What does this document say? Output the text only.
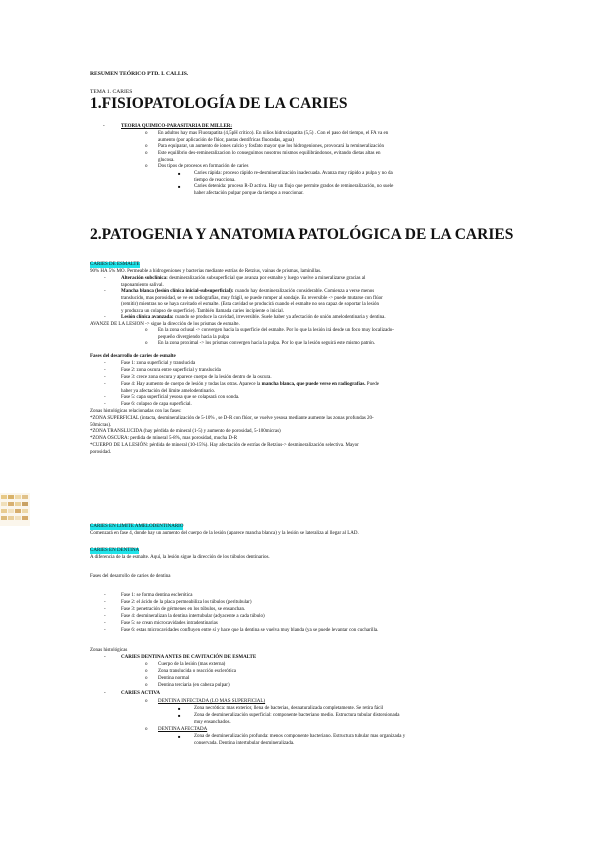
RESUMEN TEÓRICO PTD. I. CALLIS.
TEMA 1. CARIES
1.FISIOPATOLOGÍA DE LA CARIES
-	TEORIA QUIMICO-PARASITARIA DE MILLER:
o En adultos hay mas Fluorapatita (4,5pH crítico). En niños hidroxiapatita (5,5) . Con el paso del tiempo, el FA va en
aumento (por aplicación de flúor, pastas dentífricas fluoradas, agua)
o Para equiparar, un aumento de iones calcio y fosfato mayor que los hidrogeniones, provocará la remineralización
o Este equilibrio des-remineralizacion lo conseguimos nosotros mismos equilibrándonos, evitando dietas altas en
glucosa.
o Dos tipos de procesos en formación de caries
■	Caries rápida: proceso rápido re-desmineralización inadecuada. Avanza muy rápido a pulpa y no da
tiempo de reacciona.
■	Caries detenida: proceso R-D activa. Hay un flujo que permite grados de remineralización, no suele
haber afectación pulpar porque da tiempo a reaccionar.
2.PATOGENIA Y ANATOMIA PATOLÓGICA DE LA CARIES
CARIES DE ESMALTE
90% HA 5% MO. Permeable a hidrogeniones y bacterias mediante estrías de Retzius, vainas de prismas, laminillas.
-	Alteración subclínica: desmineralización subsuperficial que avanza por esmalte y luego vuelve a mineralizarse gracias al
taponamiento salival.
-	Mancha blanca (lesión clínica inicial-subsuperficial): cuando hay desmineralización considerable. Comienza a verse menos
translucido, mas porosidad, se ve en radiografías, muy frágil, se puede romper al sondaje. Es reversible -> puede mutarse con flúor
(remitir) mientras no se haya cavitado el esmalte. (Esta cavidad se producirá cuando el esmalte no sea capaz de soportar la lesión
y produzca un colapso de superficie). También llamada caries incipiente o inicial.
-	Lesión clínica avanzada: cuando se produce la cavidad, irreversible. Suele haber ya afectación de unión amelodentinaria y dentina.
AVANZE DE LA LESION -> sigue la dirección de los prismas de esmalte.
o En la zona oclusal -> convergen hacia la superficie del esmalte. Por lo que la lesión irá desde un foco muy localizado-
pequeño divergiendo hacia la pulpa
o En la zona proximal -> los prismas convergen hacia la pulpa. Por lo que la lesión seguirá este mismo patrón.
Fases del desarrollo de caries de esmalte
-	Fase 1: zona superficial y translucida
-	Fase 2: zona oscura entre superficial y translucida
-	Fase 3: crece zona oscura y aparece cuerpo de la lesión dentro de la oscura.
-	Fase 4: Hay aumento de cuerpo de lesión y todas las otras. Aparece la mancha blanca, que puede verse en radiografías. Puede
haber ya afectación del límite amelodentinario.
-	Fase 5: capa superficial yesosa que se colapsará con sonda.
-	Fase 6: colapso de capa superficial.
Zonas histológicas relacionadas con las fases:
*ZONA SUPERFICIAL (intacta, desmineralización de 5-10% , se D-R con flúor, se vuelve yesosa mediante aumente las zonas profundas 20-
50micras).
*ZONA TRANSLUCIDA (hay pérdida de mineral (1-5) y aumento de porosidad, 5-100micras)
*ZONA OSCURA: perdida de mineral 5-8%, mas porosidad, mucha D-R
*CUERPO DE LA LESIÓN: pérdida de mineral (10-15%). Hay afectación de estrías de Retzius-> desmineralización selectiva. Mayor
porosidad.
CARIES EN LIMITE AMELODENTINARIO
Comenzará en fase 4, donde hay un aumento del cuerpo de la lesión (aparece mancha blanca) y la lesión se lateraliza al llegar al LAD.
CARIES EN DENTINA
A diferencia de la de esmalte. Aquí, la lesión sigue la dirección de los túbulos dentinarios.
Fases del desarrollo de caries de dentina
-	Fase 1: se forma dentina esclerótica
-	Fase 2: el ácido de la placa permeabiliza los túbulos (peritubular)
-	Fase 3: penetración de gérmenes en los túbulos, se ensanchan.
-	Fase 4: desmineralizan la dentina intertubular (adyacente a cada túbulo)
-	Fase 5: se crean microcavidades intradentinarias
-	Fase 6: estas microcavidades confluyen entre sí y hace que la dentina se vuelva muy blanda (ya se puede levantar con cucharilla.
Zonas histológicas
-	CARIES DENTINA ANTES DE CAVITACIÓN DE ESMALTE
o Cuerpo de la lesión (mas externa)
o Zona translucida o reacción esclerótica
o Dentina normal
o Dentina terciaria (en cabeza pulpar)
-	CARIES ACTIVA
o DENTINA INFECTADA (LO MAS SUPERFICIAL)
■	Zona necrótica: mas exterior, llena de bacterias, desnaturalizada completamente. Se retira fácil
■	Zona de desmineralización superficial: componente bacteriano medio. Estructura tubular distorsionada
muy ensanchados.
o DENTINA AFECTADA
■	Zona de desmineralización profunda: menos componente bacteriano. Estructura tubular mas organizada y
conservada. Dentina intertubular desmineralizada.
